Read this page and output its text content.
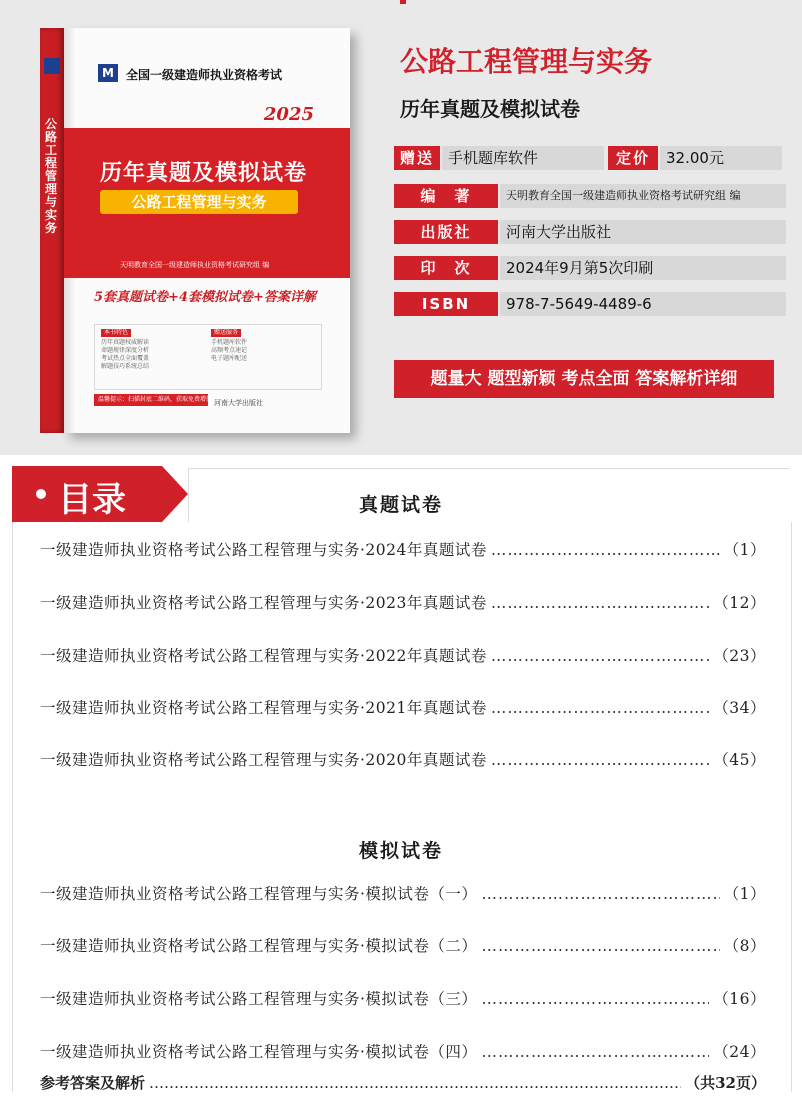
公路工程管理与实务
M	全国一级建造师执业资格考试
2025
历年真题及模拟试卷
公路工程管理与实务
天明教育全国一级建造师执业资格考试研究组 编
5套真题试卷+4套模拟试卷+答案详解
本书特色
历年真题权威解读
命题规律深度分析
考试热点全面覆盖
解题技巧系统总结
赠送服务
手机题库软件
高频考点速记
电子题库配送
温馨提示：扫描封底二维码，获取免费增值服务
河南大学出版社
公路工程管理与实务
历年真题及模拟试卷
赠送 手机题库软件	定价	32.00元
编　著	天明教育全国一级建造师执业资格考试研究组 编
出版社	河南大学出版社
印　次	2024年9月第5次印刷
ISBN	978-7-5649-4489-6
题量大 题型新颖 考点全面 答案解析详细
目录	真题试卷
一级建造师执业资格考试公路工程管理与实务·2024年真题试卷 ……………………………………………………………………………………………………………………	（1）
一级建造师执业资格考试公路工程管理与实务·2023年真题试卷 ……………………………………………………………………………………………………………………	（12）
一级建造师执业资格考试公路工程管理与实务·2022年真题试卷 ……………………………………………………………………………………………………………………	（23）
一级建造师执业资格考试公路工程管理与实务·2021年真题试卷 ……………………………………………………………………………………………………………………	（34）
一级建造师执业资格考试公路工程管理与实务·2020年真题试卷 ……………………………………………………………………………………………………………………	（45）
模拟试卷
一级建造师执业资格考试公路工程管理与实务·模拟试卷（一） ……………………………………………………………………………………………………………………	（1）
一级建造师执业资格考试公路工程管理与实务·模拟试卷（二） ……………………………………………………………………………………………………………………	（8）
一级建造师执业资格考试公路工程管理与实务·模拟试卷（三） ……………………………………………………………………………………………………………………	（16）
一级建造师执业资格考试公路工程管理与实务·模拟试卷（四） ……………………………………………………………………………………………………………………	（24）
参考答案及解析 ……………………………………………………………………………………………………………………………………	（共32页）
